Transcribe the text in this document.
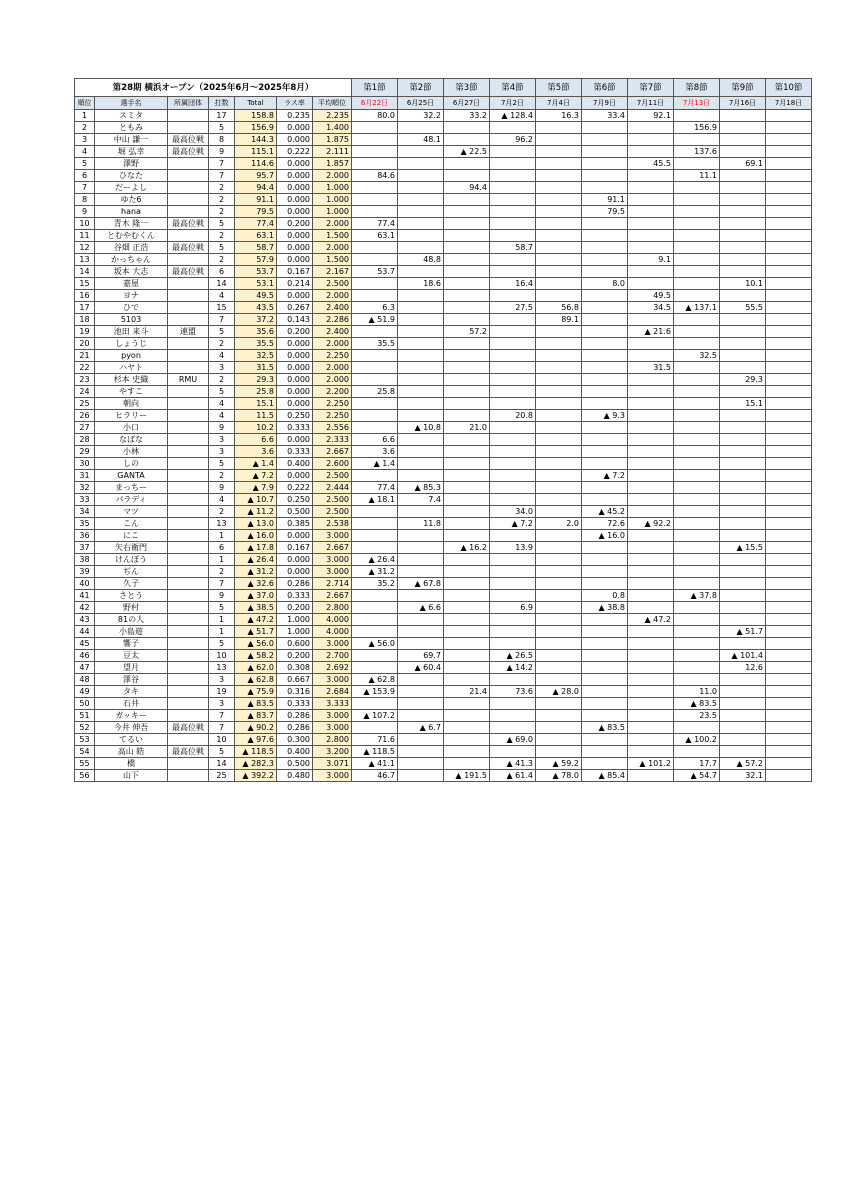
第28期 横浜オープン（2025年6月～2025年8月）							第1節	第2節	第3節	第4節	第5節	第6節	第7節	第8節	第9節	第10節
順位	選手名	所属団体	打数	Total	ラス率	平均順位	6月22日	6月25日	6月27日	7月2日	7月4日	7月9日	7月11日	7月13日	7月16日	7月18日
1	スミタ		17	158.8	0.235	2.235	80.0	32.2	33.2	▲ 128.4	16.3	33.4	92.1			
2	ともみ		5	156.9	0.000	1.400								156.9		
3	中山 謙一	最高位戦	8	144.3	0.000	1.875		48.1		96.2						
4	堀 弘幸	最高位戦	9	115.1	0.222	2.111			▲ 22.5					137.6		
5	澤野		7	114.6	0.000	1.857							45.5		69.1	
6	ひなた		7	95.7	0.000	2.000	84.6							11.1		
7	だーよし		2	94.4	0.000	1.000			94.4							
8	ゆた6		2	91.1	0.000	1.000						91.1				
9	hana		2	79.5	0.000	1.000						79.5				
10	青木 隆一	最高位戦	5	77.4	0.200	2.000	77.4									
11	とむやむくん		2	63.1	0.000	1.500	63.1									
12	谷畑 正浩	最高位戦	5	58.7	0.000	2.000				58.7						
13	かっちゃん		2	57.9	0.000	1.500		48.8					9.1			
14	坂本 大志	最高位戦	6	53.7	0.167	2.167	53.7									
15	嘉屋		14	53.1	0.214	2.500		18.6		16.4		8.0			10.1	
16	ヨナ		4	49.5	0.000	2.000							49.5			
17	ひで		15	43.5	0.267	2.400	6.3			27.5	56.8		34.5	▲ 137.1	55.5	
18	5103		7	37.2	0.143	2.286	▲ 51.9				89.1					
19	池田 来斗	連盟	5	35.6	0.200	2.400			57.2				▲ 21.6			
20	しょうじ		2	35.5	0.000	2.000	35.5									
21	pyon		4	32.5	0.000	2.250								32.5		
22	ハヤト		3	31.5	0.000	2.000							31.5			
23	杉本 史織	RMU	2	29.3	0.000	2.000									29.3	
24	やすこ		5	25.8	0.000	2.200	25.8									
25	朝向		4	15.1	0.000	2.250									15.1	
26	ヒラリー		4	11.5	0.250	2.250				20.8		▲ 9.3				
27	小口		9	10.2	0.333	2.556		▲ 10.8	21.0							
28	なばな		3	6.6	0.000	2.333	6.6									
29	小林		3	3.6	0.333	2.667	3.6									
30	しの		5	▲ 1.4	0.400	2.600	▲ 1.4									
31	GANTA		2	▲ 7.2	0.000	2.500						▲ 7.2				
32	まっちー		9	▲ 7.9	0.222	2.444	77.4	▲ 85.3								
33	パラディ		4	▲ 10.7	0.250	2.500	▲ 18.1	7.4								
34	マツ		2	▲ 11.2	0.500	2.500				34.0		▲ 45.2				
35	こん		13	▲ 13.0	0.385	2.538		11.8		▲ 7.2	2.0	72.6	▲ 92.2			
36	にこ		1	▲ 16.0	0.000	3.000						▲ 16.0				
37	矢右衛門		6	▲ 17.8	0.167	2.667			▲ 16.2	13.9					▲ 15.5	
38	けんぼう		1	▲ 26.4	0.000	3.000	▲ 26.4									
39	ぢん		2	▲ 31.2	0.000	3.000	▲ 31.2									
40	久子		7	▲ 32.6	0.286	2.714	35.2	▲ 67.8								
41	さとう		9	▲ 37.0	0.333	2.667						0.8		▲ 37.8		
42	野村		5	▲ 38.5	0.200	2.800		▲ 6.6		6.9		▲ 38.8				
43	81の人		1	▲ 47.2	1.000	4.000							▲ 47.2			
44	小島遊		1	▲ 51.7	1.000	4.000									▲ 51.7	
45	響子		5	▲ 56.0	0.600	3.000	▲ 56.0									
46	豆太		10	▲ 58.2	0.200	2.700		69.7		▲ 26.5					▲ 101.4	
47	望月		13	▲ 62.0	0.308	2.692		▲ 60.4		▲ 14.2					12.6	
48	澤谷		3	▲ 62.8	0.667	3.000	▲ 62.8									
49	タキ		19	▲ 75.9	0.316	2.684	▲ 153.9		21.4	73.6	▲ 28.0			11.0		
50	石井		3	▲ 83.5	0.333	3.333								▲ 83.5		
51	ガッキー		7	▲ 83.7	0.286	3.000	▲ 107.2							23.5		
52	今井 伸吾	最高位戦	7	▲ 90.2	0.286	3.000		▲ 6.7				▲ 83.5				
53	てるい		10	▲ 97.6	0.300	2.800	71.6			▲ 69.0				▲ 100.2		
54	高山 皓	最高位戦	5	▲ 118.5	0.400	3.200	▲ 118.5									
55	橋		14	▲ 282.3	0.500	3.071	▲ 41.1			▲ 41.3	▲ 59.2		▲ 101.2	17.7	▲ 57.2	
56	山下		25	▲ 392.2	0.480	3.000	46.7		▲ 191.5	▲ 61.4	▲ 78.0	▲ 85.4		▲ 54.7	32.1	
